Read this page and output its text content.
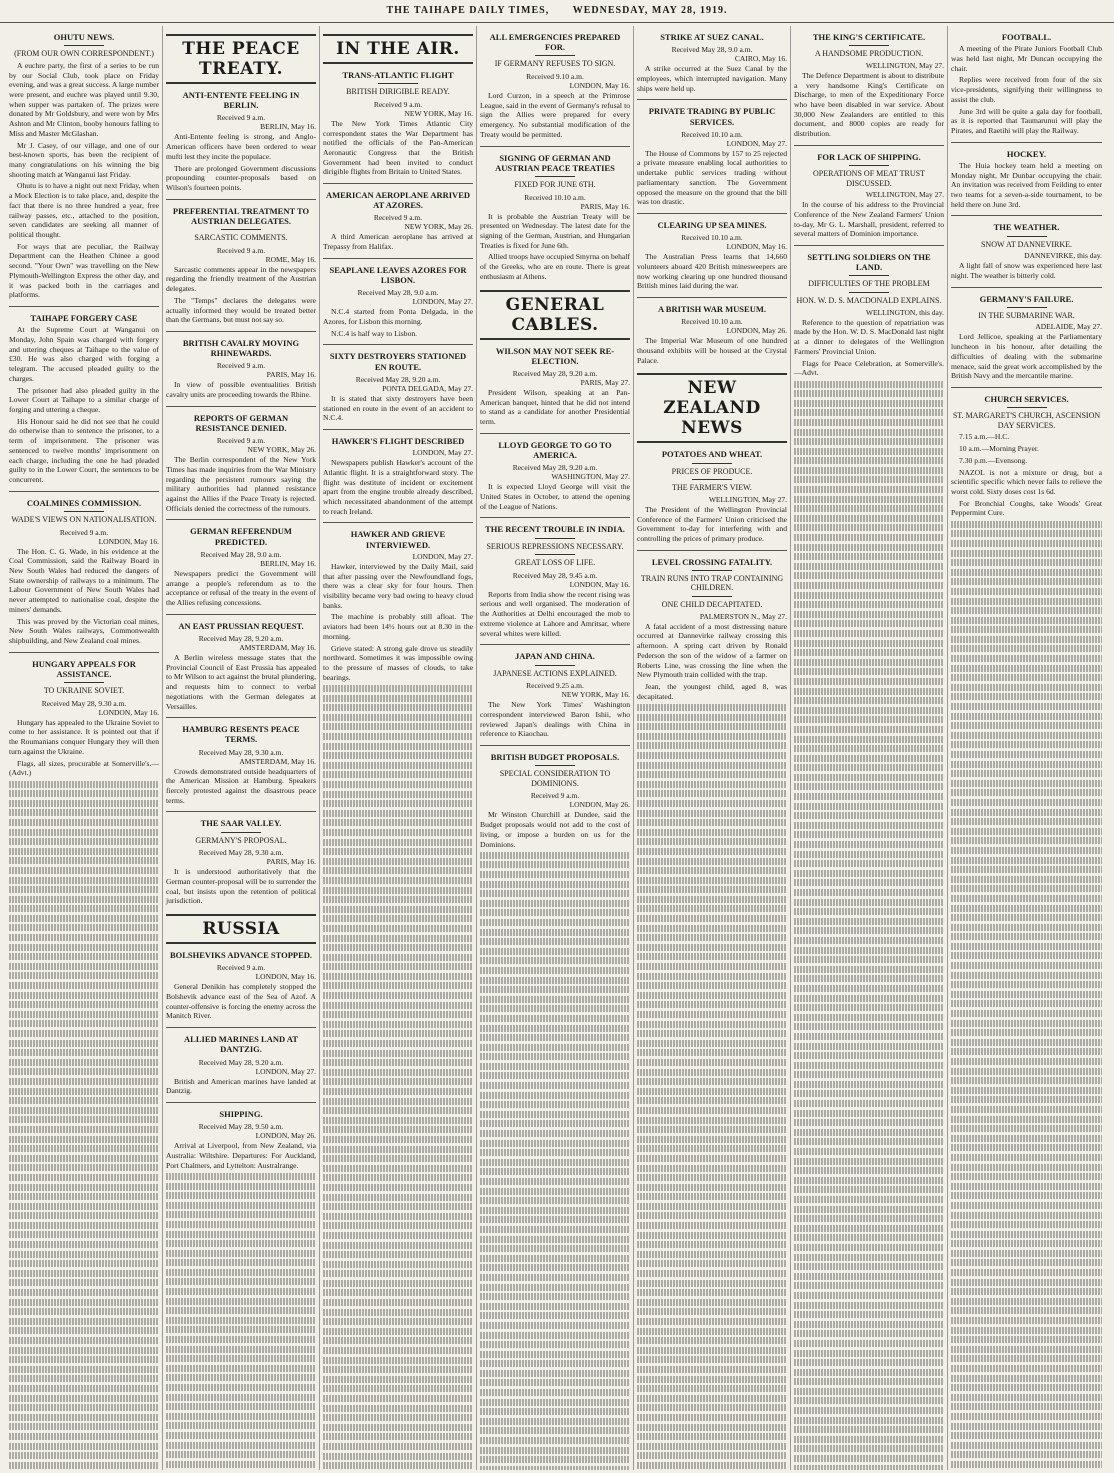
THE TAIHAPE DAILY TIMES, WEDNESDAY, MAY 28, 1919.
OHUTU NEWS.
(FROM OUR OWN CORRESPONDENT.)

A euchre party, the first of a series to be run by our Social Club, took place on Friday evening, and was a great success. A large number were present, and euchre was played until 9.30, when supper was partaken of. The prizes were donated by Mr Goldsbury, and were won by Mrs Ashton and Mr Clinton, booby honours falling to Miss and Master McGlashan.

Mr J. Casey, of our village, and one of our best-known sports, has been the recipient of many congratulations on his winning the big shooting match at Wanganui last Friday.

Ohutu is to have a night out next Friday, when a Mock Election is to take place, and, despite the fact that there is no three hundred a year, free railway passes, etc., attached to the position, seven candidates are seeking all manner of political thought.

For ways that are peculiar, the Railway Department can the Heathen Chinee a good second. "Your Own" was travelling on the New Plymouth-Wellington Express the other day, and it was packed both in the carriages and platforms.

TAIHAPE FORGERY CASE

At the Supreme Court at Wanganui on Monday, John Spain was charged with forgery and uttering cheques at Taihape to the value of £30. He was also charged with forging a telegram. The accused pleaded guilty to the charges.

The prisoner had also pleaded guilty in the Lower Court at Taihape to a similar charge of forging and uttering a cheque.

His Honour said he did not see that he could do otherwise than to sentence the prisoner, to a term of imprisonment. The prisoner was sentenced to twelve months' imprisonment on each charge, including the one he had pleaded guilty to in the Lower Court, the sentences to be concurrent.

COALMINES COMMISSION.
WADE'S VIEWS ON NATIONALISATION.
Received 9 a.m.
LONDON, May 16.

The Hon. C. G. Wade, in his evidence at the Coal Commission, said the Railway Board in New South Wales had reduced the dangers of State ownership of railways to a minimum. The Labour Government of New South Wales had never attempted to nationalise coal, despite the miners' demands.

This was proved by the Victorian coal mines, New South Wales railways, Commonwealth shipbuilding, and New Zealand coal mines.

HUNGARY APPEALS FOR ASSISTANCE.
TO UKRAINE SOVIET.
Received May 28, 9.30 a.m.
LONDON, May 16.

Hungary has appealed to the Ukraine Soviet to come to her assistance. It is pointed out that if the Roumanians conquer Hungary they will then turn against the Ukraine.

Flags, all sizes, procurable at Somerville's.—(Advt.)

THE PEACE TREATY.
ANTI-ENTENTE FEELING IN BERLIN.
Received 9 a.m.
BERLIN, May 16.

Anti-Entente feeling is strong, and Anglo-American officers have been ordered to wear mufti lest they incite the populace.

There are prolonged Government discussions propounding counter-proposals based on Wilson's fourteen points.

PREFERENTIAL TREATMENT TO AUSTRIAN DELEGATES.
SARCASTIC COMMENTS.
Received 9 a.m.
ROME, May 16.

Sarcastic comments appear in the newspapers regarding the friendly treatment of the Austrian delegates.

The "Temps" declares the delegates were actually informed they would be treated better than the Germans, but must not say so.

BRITISH CAVALRY MOVING RHINEWARDS.
Received 9 a.m.
PARIS, May 16.

In view of possible eventualities British cavalry units are proceeding towards the Rhine.

REPORTS OF GERMAN RESISTANCE DENIED.
Received 9 a.m.
NEW YORK, May 26.

The Berlin correspondent of the New York Times has made inquiries from the War Ministry regarding the persistent rumours saying the military authorities had planned resistance against the Allies if the Peace Treaty is rejected. Officials denied the correctness of the rumours.

GERMAN REFERENDUM PREDICTED.
Received May 28, 9.0 a.m.
BERLIN, May 16.

Newspapers predict the Government will arrange a people's referendum as to the acceptance or refusal of the treaty in the event of the Allies refusing concessions.

AN EAST PRUSSIAN REQUEST.
Received May 28, 9.20 a.m.
AMSTERDAM, May 16.

A Berlin wireless message states that the Provincial Council of East Prussia has appealed to Mr Wilson to act against the brutal plundering, and requests him to connect to verbal negotiations with the German delegates at Versailles.

HAMBURG RESENTS PEACE TERMS.
Received May 28, 9.30 a.m.
AMSTERDAM, May 16.

Crowds demonstrated outside headquarters of the American Mission at Hamburg. Speakers fiercely protested against the disastrous peace terms.

THE SAAR VALLEY.
GERMANY'S PROPOSAL.
Received May 28, 9.30 a.m.
PARIS, May 16.

It is understood authoritatively that the German counter-proposal will be to surrender the coal, but insists upon the retention of political jurisdiction.

RUSSIA
BOLSHEVIKS ADVANCE STOPPED.
Received 9 a.m.
LONDON, May 16.

General Denikin has completely stopped the Bolshevik advance east of the Sea of Azof. A counter-offensive is forcing the enemy across the Manitch River.

ALLIED MARINES LAND AT DANTZIG.
Received May 28, 9.20 a.m.
LONDON, May 27.

British and American marines have landed at Dantzig.

SHIPPING.
Received May 28, 9.50 a.m.
LONDON, May 26.

Arrival at Liverpool, from New Zealand, via Australia: Wiltshire. Departures: For Auckland, Port Chalmers, and Lyttelton: Australrange.

IN THE AIR.
TRANS-ATLANTIC FLIGHT
BRITISH DIRIGIBLE READY.
Received 9 a.m.
NEW YORK, May 16.

The New York Times Atlantic City correspondent states the War Department has notified the officials of the Pan-American Aeronautic Congress that the British Government had been invited to conduct dirigible flights from Britain to United States.

AMERICAN AEROPLANE ARRIVED AT AZORES.
Received 9 a.m.
NEW YORK, May 26.

A third American aeroplane has arrived at Trepassy from Halifax.

SEAPLANE LEAVES AZORES FOR LISBON.
Received May 28, 9.0 a.m.
LONDON, May 27.

N.C.4 started from Ponta Delgada, in the Azores, for Lisbon this morning.

N.C.4 is half way to Lisbon.

SIXTY DESTROYERS STATIONED EN ROUTE.
Received May 28, 9.20 a.m.
PONTA DELGADA, May 27.

It is stated that sixty destroyers have been stationed en route in the event of an accident to N.C.4.

HAWKER'S FLIGHT DESCRIBED
LONDON, May 27.

Newspapers publish Hawker's account of the Atlantic flight. It is a straightforward story. The flight was destitute of incident or excitement apart from the engine trouble already described, which necessitated abandonment of the attempt to reach Ireland.

HAWKER AND GRIEVE INTERVIEWED.
LONDON, May 27.

Hawker, interviewed by the Daily Mail, said that after passing over the Newfoundland fogs, there was a clear sky for four hours. Then visibility became very bad owing to heavy cloud banks.

The machine is probably still afloat. The aviators had been 14½ hours out at 8.30 in the morning.

Grieve stated: A strong gale drove us steadily northward. Sometimes it was impossible owing to the pressure of masses of clouds, to take bearings.

ALL EMERGENCIES PREPARED FOR.
IF GERMANY REFUSES TO SIGN.
Received 9.10 a.m.
LONDON, May 16.

Lord Curzon, in a speech at the Primrose League, said in the event of Germany's refusal to sign the Allies were prepared for every emergency. No substantial modification of the Treaty would be permitted.

SIGNING OF GERMAN AND AUSTRIAN PEACE TREATIES
FIXED FOR JUNE 6TH.
Received 10.10 a.m.
PARIS, May 16.

It is probable the Austrian Treaty will be presented on Wednesday. The latest date for the signing of the German, Austrian, and Hungarian Treaties is fixed for June 6th.

Allied troops have occupied Smyrna on behalf of the Greeks, who are en route. There is great enthusiasm at Athens.

GENERAL CABLES.
WILSON MAY NOT SEEK RE-ELECTION.
Received May 28, 9.20 a.m.
PARIS, May 27.

President Wilson, speaking at an Pan-American banquet, hinted that he did not intend to stand as a candidate for another Presidential term.

LLOYD GEORGE TO GO TO AMERICA.
Received May 28, 9.20 a.m.
WASHINGTON, May 27.

It is expected Lloyd George will visit the United States in October, to attend the opening of the League of Nations.

THE RECENT TROUBLE IN INDIA.
SERIOUS REPRESSIONS NECESSARY.
GREAT LOSS OF LIFE.
Received May 28, 9.45 a.m.
LONDON, May 16.

Reports from India show the recent rising was serious and well organised. The moderation of the Authorities at Delhi encouraged the mob to extreme violence at Lahore and Amritsar, where several whites were killed.

JAPAN AND CHINA.
JAPANESE ACTIONS EXPLAINED.
Received 9.25 a.m.
NEW YORK, May 16.

The New York Times' Washington correspondent interviewed Baron Ishii, who reviewed Japan's dealings with China in reference to Kiaochau.

BRITISH BUDGET PROPOSALS.
SPECIAL CONSIDERATION TO DOMINIONS.
Received 9 a.m.
LONDON, May 26.

Mr Winston Churchill at Dundee, said the Budget proposals would not add to the cost of living, or impose a burden on us for the Dominions.

STRIKE AT SUEZ CANAL.
Received May 28, 9.0 a.m.
CAIRO, May 16.

A strike occurred at the Suez Canal by the employees, which interrupted navigation. Many ships were held up.

PRIVATE TRADING BY PUBLIC SERVICES.
Received 10.10 a.m.
LONDON, May 27.

The House of Commons by 157 to 25 rejected a private measure enabling local authorities to undertake public services trading without parliamentary sanction. The Government opposed the measure on the ground that the bill was too drastic.

CLEARING UP SEA MINES.
Received 10.10 a.m.
LONDON, May 16.

The Australian Press learns that 14,660 volunteers aboard 420 British minesweepers are now working clearing up one hundred thousand British mines laid during the war.

A BRITISH WAR MUSEUM.
Received 10.10 a.m.
LONDON, May 26.

The Imperial War Museum of one hundred thousand exhibits will be housed at the Crystal Palace.

NEW ZEALAND NEWS
POTATOES AND WHEAT.
PRICES OF PRODUCE.
THE FARMER'S VIEW.
WELLINGTON, May 27.

The President of the Wellington Provincial Conference of the Farmers' Union criticised the Government to-day for interfering with and controlling the prices of primary produce.

LEVEL CROSSING FATALITY.
TRAIN RUNS INTO TRAP CONTAINING CHILDREN.
ONE CHILD DECAPITATED.
PALMERSTON N., May 27.

A fatal accident of a most distressing nature occurred at Dannevirke railway crossing this afternoon. A spring cart driven by Ronald Pederson the son of the widow of a farmer on Roberts Line, was crossing the line when the New Plymouth train collided with the trap.

Jean, the youngest child, aged 8, was decapitated.

THE KING'S CERTIFICATE.
A HANDSOME PRODUCTION.
WELLINGTON, May 27.

The Defence Department is about to distribute a very handsome King's Certificate on Discharge, to men of the Expeditionary Force who have been disabled in war service. About 30,000 New Zealanders are entitled to this document, and 8000 copies are ready for distribution.

FOR LACK OF SHIPPING.
OPERATIONS OF MEAT TRUST DISCUSSED.
WELLINGTON, May 27.

In the course of his address to the Provincial Conference of the New Zealand Farmers' Union to-day, Mr G. L. Marshall, president, referred to several matters of Dominion importance.

SETTLING SOLDIERS ON THE LAND.
DIFFICULTIES OF THE PROBLEM
HON. W. D. S. MACDONALD EXPLAINS.
WELLINGTON, this day.

Reference to the question of repatriation was made by the Hon. W. D. S. MacDonald last night at a dinner to delegates of the Wellington Farmers' Provincial Union.

Flags for Peace Celebration, at Somerville's.—Advt.

FOOTBALL.

A meeting of the Pirate Juniors Football Club was held last night, Mr Duncan occupying the chair.

Replies were received from four of the six vice-presidents, signifying their willingness to assist the club.

June 3rd will be quite a gala day for football, as it is reported that Taumarunui will play the Pirates, and Raetihi will play the Railway.

HOCKEY.

The Huia hockey team held a meeting on Monday night, Mr Dunbar occupying the chair. An invitation was received from Feilding to enter two teams for a seven-a-side tournament, to be held there on June 3rd.

THE WEATHER.
SNOW AT DANNEVIRKE.
DANNEVIRKE, this day.

A light fall of snow was experienced here last night. The weather is bitterly cold.

GERMANY'S FAILURE.
IN THE SUBMARINE WAR.
ADELAIDE, May 27.

Lord Jellicoe, speaking at the Parliamentary luncheon in his honour, after detailing the difficulties of dealing with the submarine menace, said the great work accomplished by the British Navy and the mercantile marine.

CHURCH SERVICES.
ST. MARGARET'S CHURCH, ASCENSION DAY SERVICES.

7.15 a.m.—H.C.

10 a.m.—Morning Prayer.

7.30 p.m.—Evensong.

NAZOL is not a mixture or drug, but a scientific specific which never fails to relieve the worst cold. Sixty doses cost 1s 6d.

For Bronchial Coughs, take Woods' Great Peppermint Cure.
